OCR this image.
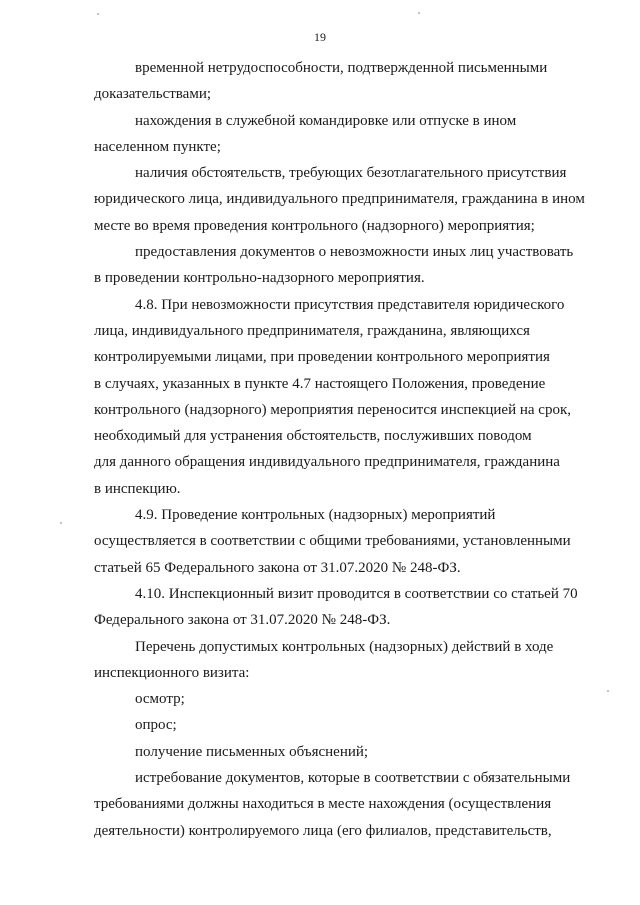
19

временной нетрудоспособности, подтвержденной письменными
доказательствами;

нахождения в служебной командировке или отпуске в ином
населенном пункте;

наличия обстоятельств, требующих безотлагательного присутствия
юридического лица, индивидуального предпринимателя, гражданина в ином
месте во время проведения контрольного (надзорного) мероприятия;

предоставления документов о невозможности иных лиц участвовать
в проведении контрольно-надзорного мероприятия.

4.8. При невозможности присутствия представителя юридического
лица, индивидуального предпринимателя, гражданина, являющихся
контролируемыми лицами, при проведении контрольного мероприятия
в случаях, указанных в пункте 4.7 настоящего Положения, проведение
контрольного (надзорного) мероприятия переносится инспекцией на срок,
необходимый для устранения обстоятельств, послуживших поводом
для данного обращения индивидуального предпринимателя, гражданина
в инспекцию.

4.9. Проведение контрольных (надзорных) мероприятий
осуществляется в соответствии с общими требованиями, установленными
статьей 65 Федерального закона от 31.07.2020 № 248-ФЗ.

4.10. Инспекционный визит проводится в соответствии со статьей 70
Федерального закона от 31.07.2020 № 248-ФЗ.

Перечень допустимых контрольных (надзорных) действий в ходе
инспекционного визита:

осмотр;

опрос;

получение письменных объяснений;

истребование документов, которые в соответствии с обязательными
требованиями должны находиться в месте нахождения (осуществления
деятельности) контролируемого лица (его филиалов, представительств,
